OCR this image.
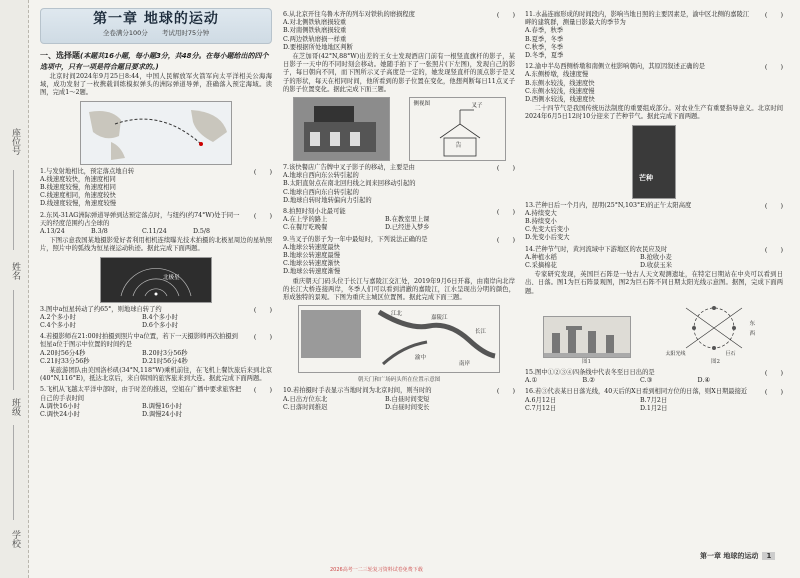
座位号
姓名
班级
学校
第一章 地球的运动
全卷满分100分 考试用时75分钟
一、选择题(本题共16小题，每小题3分，共48分。在每小题给出的四个选项中，只有一项是符合题目要求的。)

北京时间2024年9月25日8:44，中国人民解放军火箭军向太平洋相关公海海域，成功发射了一枚携载训练模拟弹头的洲际弹道导弹，准确落入预定海域。读图，完成1～2题。

1.与发射地相比，预定落点地自转	(　　)
A.线速度较快，角速度相同
B.线速度较慢，角速度相同
C.线速度相同，角速度较快
D.线速度较慢，角速度较慢
2.东风-31AG洲际弹道导弹到达预定落点时，与纽约(约74°W)处于同一天的经度范围约占全球的
(　　)
A.13/24	B.3/8	C.11/24	D.5/8

下图示意我国某地摄影爱好者利用相机连续曝光技术拍摄的北极星周边的星轨照片，照片中的弧线为恒星视运动轨迹。据此完成下面两题。

北极星
3.图中a恒星转动了约65°，则地球自转了约	(　　)
A.2个多小时	B.4个多小时
C.4个多小时	D.6个多小时
4.若摄影师在21:00时拍摄到照片中a位置，若下一天摄影师再次拍摄到恒星a位于图示中位置的时间约是
(　　)
A.20时56分4秒	B.20时3分56秒
C.21时33分56秒	D.21时56分4秒

某旅游团队由美国洛杉矶(34°N,118°W)乘机前往，在飞机上餐饮旅后来到北京(40°N,116°E)，抵达北京后，来自韩国的旅客旅来到大连。据此完成下面两题。

5.飞机从飞越太平洋中部时，由于时差的推迟，空姐在广播中要求旅客把自己的手表时间
(　　)
A.调快16小时	B.调慢16小时
C.调快24小时	D.调慢24小时
6.从北京开往乌鲁木齐的列车对铁轨的磨损程度	(　　)
A.对北侧铁轨磨损较重
B.对南侧铁轨磨损较重
C.两边铁轨磨损一样重
D.要根据所处地地区判断

在芝加哥(42°N,88°W)出差的王女士发现酒店门前有一根竖直旗杆的影子，某日影子一天中的不同时刻会移动。她随手拍下了一张照片(下左图)，发现自己的影子，每日朝向不同，而下图所示叉子高度是一定的，她发现竖直杆的顶点影子是叉子的形状，每天在相同时间，他所看到的影子位置在变化，他想判断每日11点叉子的影子位置变化。据此完成下面三题。

侧视图	叉子
告
7.该快餐店广告牌中叉子影子的移动，主要是由	(　　)
A.地球自西向东公转引起的
B.太阳直射点在南北回归线之间来回移动引起的
C.地球自西向东自转引起的
D.地球自转时地转偏向力引起的
8.拍照时刻小北最可能	(　　)
A.在上学的路上	B.在教室里上课
C.在餐厅吃晚餐	D.已经进入梦乡
9.当叉子的影子为一年中最短时，下列说法正确的是	(　　)
A.地球公转速度最快
B.地球公转速度最慢
C.地球公转速度渐快
D.地球公转速度渐慢

重庆朝天门码头位于长江与嘉陵江交汇处，2019年9月6日开幕，由南岸向北岸的长江大桥连接两岸，冬季人们可以看到清澈的嘉陵江，江水呈现出分明的颜色，形成独特的景观。下图为重庆主城区位置图。据此完成下面三题。

江北
嘉陵江
长江
渝中
南岸
朝天门和广场码头所在位置示意图
10.若拍摄时手表显示当地时间为北京时间，则当时的	(　　)
A.日出方位东北	B.白昼时间变短
C.日落时间推迟	D.白昼时间变长
11.水晶连廊形成的时间段内，影响当地日照的主要因素是，渝中区北侧的嘉陵江畔的建筑群，测量日影最大的季节为
(　　)
A.春季，秋季
B.夏季，冬季
C.秋季，冬季
D.冬季，夏季
12.渝中半岛西侧桥墩和南侧立柱影响朝向，其原因叙述正确的是	(　　)
A.东侧桥墩，线速度慢
B.东侧水较浅，线速度快
C.东侧水较浅，线速度慢
D.西侧水较浅，线速度快

二十四节气是我国传统历法制度的重要组成部分。对农业生产有重要指导意义。北京时间2024年6月5日12时10分迎来了芒种节气。据此完成下面两题。

芒种
13.芒种日后一个月内，昆明(25°N,103°E)的正午太阳高度	(　　)
A.持续变大
B.持续变小
C.先变大后变小
D.先变小后变大
14.芒种节气时，黄河流域中下游地区的农民应及时	(　　)
A.种植水稻	B.抢收小麦
C.采摘棉花	D.收获玉米

专家研究发现，英国巨石阵是一处古人天文观测遗址，在特定日期站在中央可以看到日出、日落。图1为巨石阵景观图，图2为巨石阵不同日期太阳光线示意图。据图，完成下面两题。

图1
东
西
巨石
太阳光线
图2
15.图中①②③④四条线中代表冬至日日出的是	(　　)
A.①	B.②	C.③	D.④
16.若③代表某日日落光线，40天后的X日看到相同方位的日落，则X日期最接近	(　　)
A.6月12日	B.7月2日
C.7月12日	D.1月2日
第一章 地球的运动 1
2026高考一二三轮复习资料试卷免费下载
